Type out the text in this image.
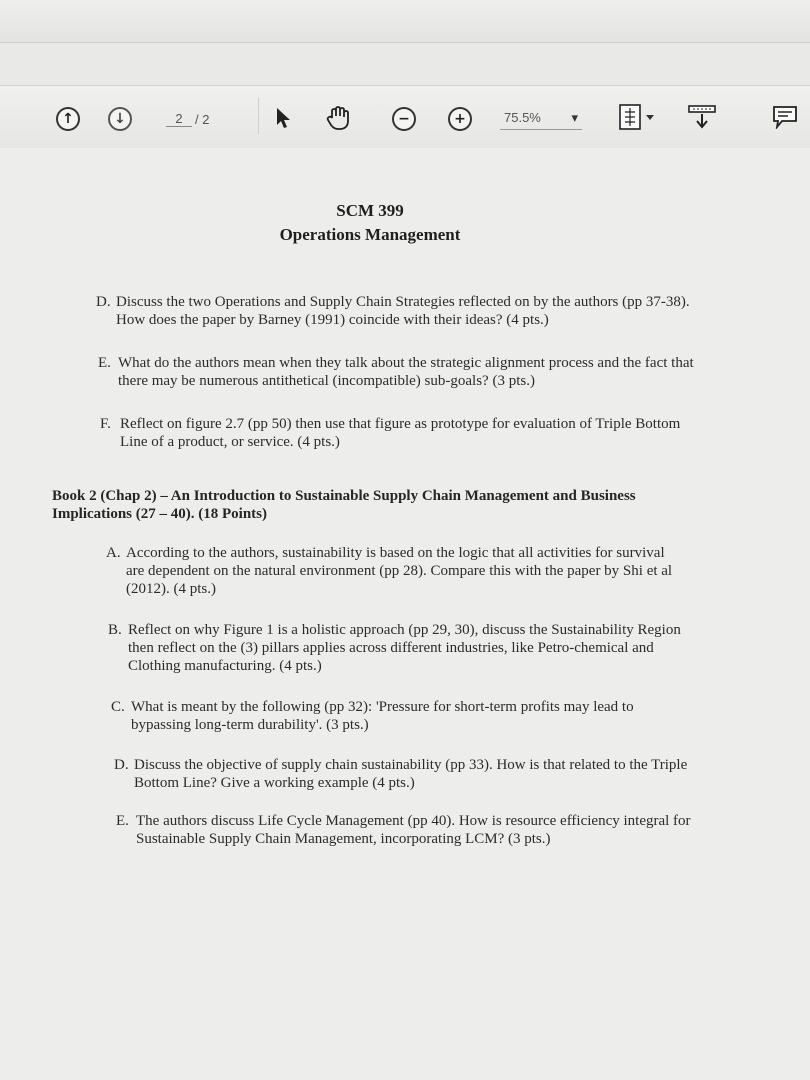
↑	↓	2 / 2	−	+	75.5% ▾
SCM 399
Operations Management
D. Discuss the two Operations and Supply Chain Strategies reflected on by the authors (pp 37-38). How does the paper by Barney (1991) coincide with their ideas? (4 pts.)
E. What do the authors mean when they talk about the strategic alignment process and the fact that there may be numerous antithetical (incompatible) sub-goals? (3 pts.)
F. Reflect on figure 2.7 (pp 50) then use that figure as prototype for evaluation of Triple Bottom Line of a product, or service. (4 pts.)
Book 2 (Chap 2) – An Introduction to Sustainable Supply Chain Management and Business Implications (27 – 40). (18 Points)
A. According to the authors, sustainability is based on the logic that all activities for survival are dependent on the natural environment (pp 28). Compare this with the paper by Shi et al (2012). (4 pts.)
B. Reflect on why Figure 1 is a holistic approach (pp 29, 30), discuss the Sustainability Region then reflect on the (3) pillars applies across different industries, like Petro-chemical and Clothing manufacturing. (4 pts.)
C. What is meant by the following (pp 32): 'Pressure for short-term profits may lead to bypassing long-term durability'. (3 pts.)
D. Discuss the objective of supply chain sustainability (pp 33). How is that related to the Triple Bottom Line? Give a working example (4 pts.)
E. The authors discuss Life Cycle Management (pp 40). How is resource efficiency integral for Sustainable Supply Chain Management, incorporating LCM? (3 pts.)
